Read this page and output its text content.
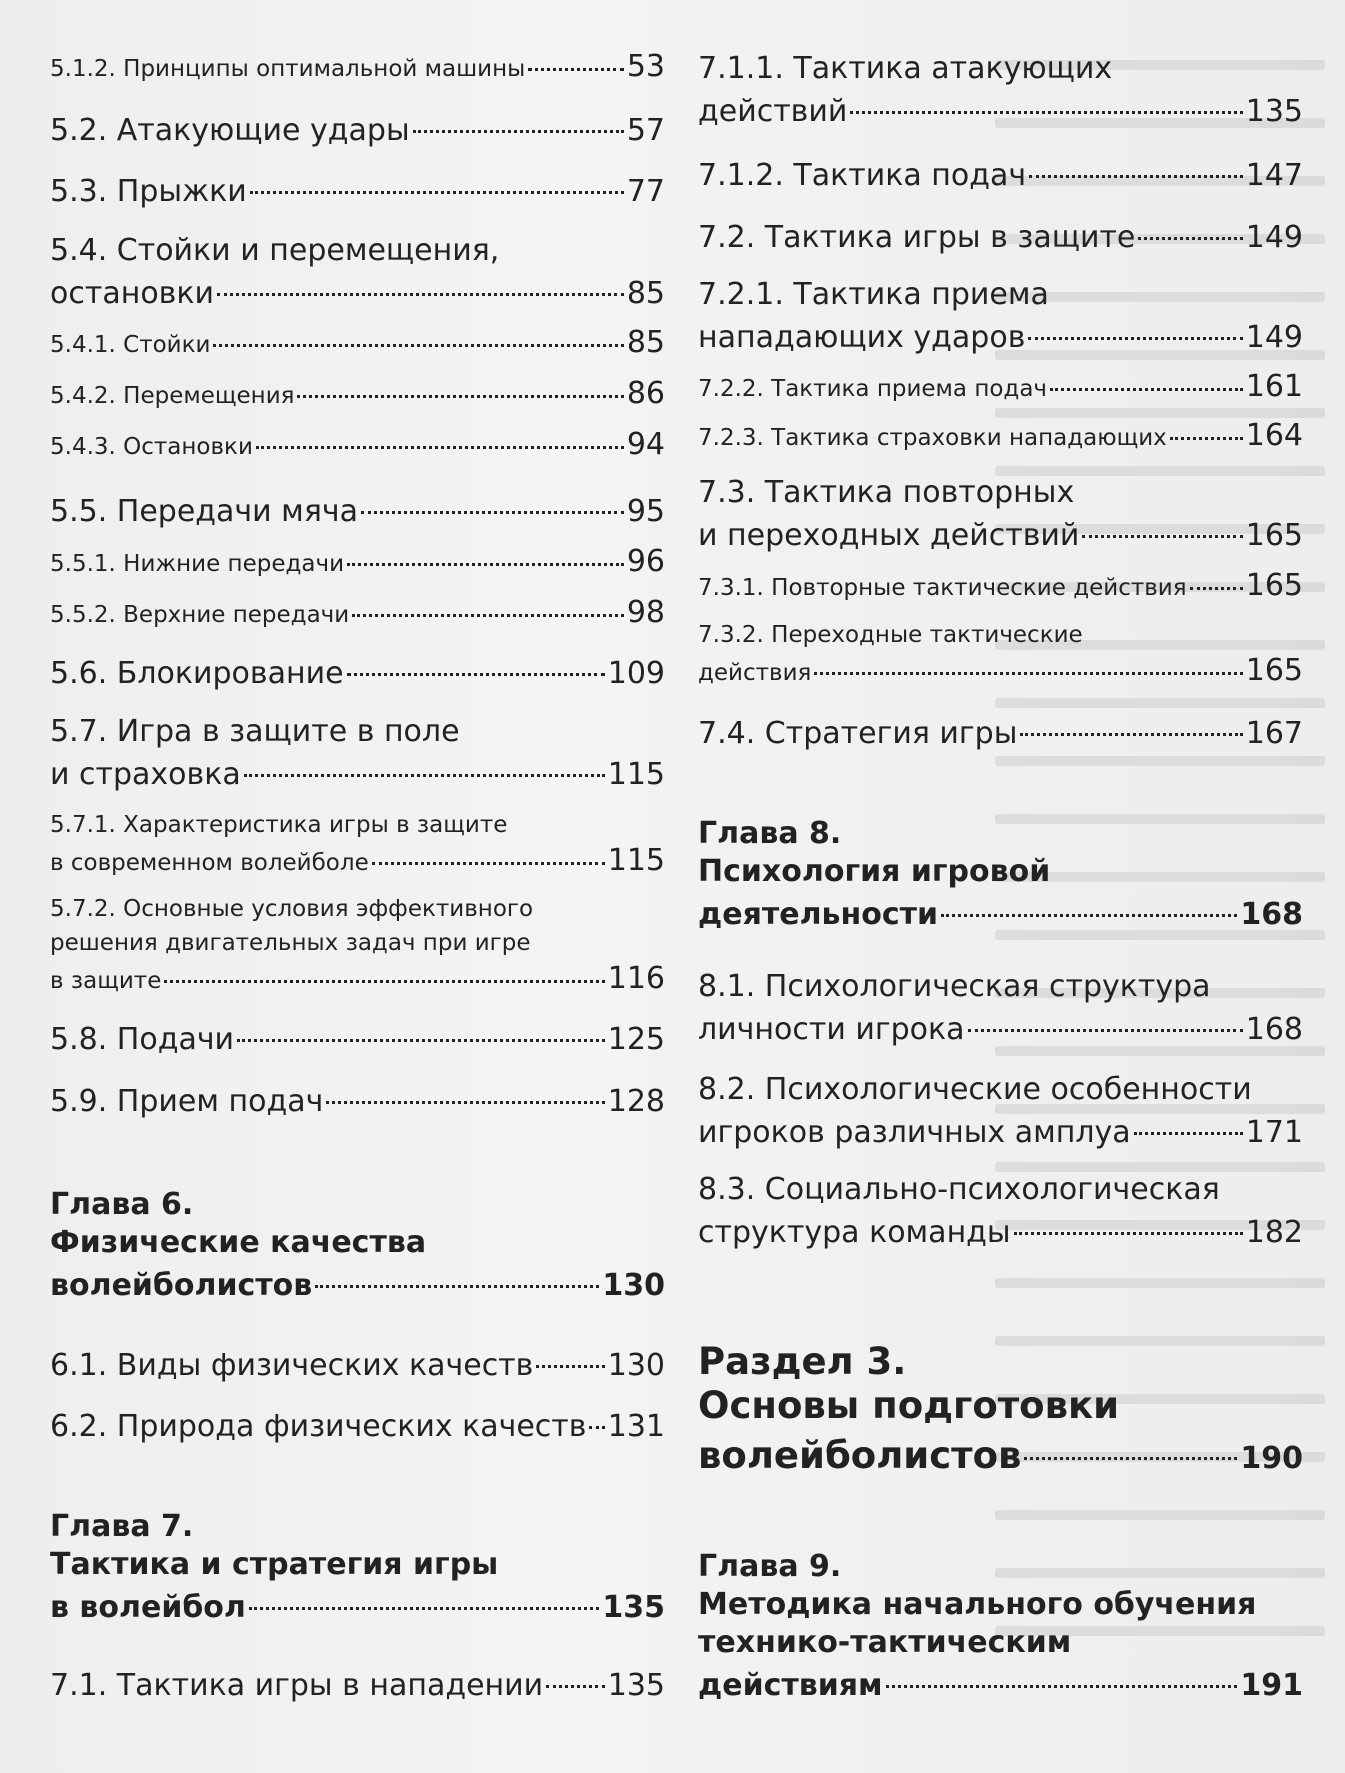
5.1.2. Принципы оптимальной машины	53
5.2. Атакующие удары	57
5.3. Прыжки	77
5.4. Стойки и перемещения,
остановки	85
5.4.1. Стойки	85
5.4.2. Перемещения	86
5.4.3. Остановки	94
5.5. Передачи мяча	95
5.5.1. Нижние передачи	96
5.5.2. Верхние передачи	98
5.6. Блокирование	109
5.7. Игра в защите в поле
и страховка	115
5.7.1. Характеристика игры в защите
в современном волейболе	115
5.7.2. Основные условия эффективного
решения двигательных задач при игре
в защите	116
5.8. Подачи	125
5.9. Прием подач	128
Глава 6.
Физические качества
волейболистов	130
6.1. Виды физических качеств 130
6.2. Природа физических качеств 131
Глава 7.
Тактика и стратегия игры
в волейбол	135
7.1. Тактика игры в нападении 135
7.1.1. Тактика атакующих
действий	135
7.1.2. Тактика подач	147
7.2. Тактика игры в защите	149
7.2.1. Тактика приема
нападающих ударов	149
7.2.2. Тактика приема подач	161
7.2.3. Тактика страховки нападающих	164
7.3. Тактика повторных
и переходных действий	165
7.3.1. Повторные тактические действия 165
7.3.2. Переходные тактические
действия	165
7.4. Стратегия игры	167
Глава 8.
Психология игровой
деятельности	168
8.1. Психологическая структура
личности игрока	168
8.2. Психологические особенности
игроков различных амплуа	171
8.3. Социально-психологическая
структура команды	182
Раздел 3.
Основы подготовки
волейболистов	190
Глава 9.
Методика начального обучения
технико-тактическим
действиям	191
